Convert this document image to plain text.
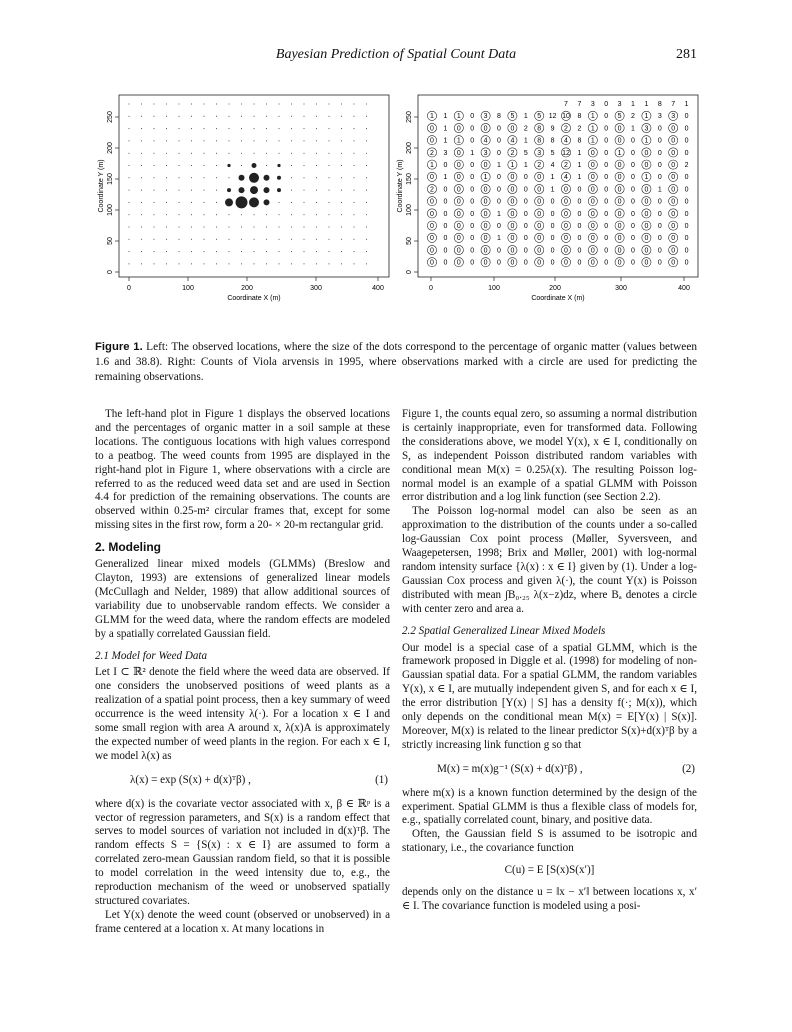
Bayesian Prediction of Spatial Count Data	281
0	100	200	300	400
Coordinate X (m)
0
50
100
150
200
250
Coordinate Y (m)
7 7 3 0 3 1 1 8 7 1
1 1 1 0 3 8 5 1 5 12 10 8 1 0 5 2 1 3 3 0
0 1 0 0 0 0 0 2 8 9 2 2 1 0 0 1 3 0 0 0
0 1 1 0 4 0 4 1 8 8 4 8 1 0 0 0 1 0 0 0
2 3 0 1 3 0 2 5 3 5 12 1 0 0 1 0 0 0 0 0
1 0 0 0 0 1 1 1 2 4 2 1 0 0 0 0 0 0 0 2
0 1 0 0 1 0 0 0 0 1 4 1 0 0 0 0 1 0 0 0
2 0 0 0 0 0 0 0 0 1 0 0 0 0 0 0 0 1 0 0
0 0 0 0 0 0 0 0 0 0 0 0 0 0 0 0 0 0 0 0
0 0 0 0 0 1 0 0 0 0 0 0 0 0 0 0 0 0 0 0
0 0 0 0 0 0 0 0 0 0 0 0 0 0 0 0 0 0 0 0
0 0 0 0 0 1 0 0 0 0 0 0 0 0 0 0 0 0 0 0
0 0 0 0 0 0 0 0 0 0 0 0 0 0 0 0 0 0 0 0
0 0 0 0 0 0 0 0 0 0 0 0 0 0 0 0 0 0 0 0
0	100	200	300	400
Coordinate X (m)
0
50
100
150
200
250
Coordinate Y (m)
Figure 1. Left: The observed locations, where the size of the dots correspond to the percentage of organic matter (values between 1.6 and 38.8). Right: Counts of Viola arvensis in 1995, where observations marked with a circle are used for predicting the remaining observations.

The left-hand plot in Figure 1 displays the observed locations and the percentages of organic matter in a soil sample at these locations. The contiguous locations with high values correspond to a peatbog. The weed counts from 1995 are displayed in the right-hand plot in Figure 1, where observations with a circle are referred to as the reduced weed data set and are used in Section 4.4 for prediction of the remaining observations. The counts are observed within 0.25-m² circular frames that, except for some missing sites in the first row, form a 20- × 20-m rectangular grid.

2. Modeling

Generalized linear mixed models (GLMMs) (Breslow and Clayton, 1993) are extensions of generalized linear models (McCullagh and Nelder, 1989) that allow additional sources of variability due to unobservable random effects. We consider a GLMM for the weed data, where the random effects are modeled by a spatially correlated Gaussian field.

2.1 Model for Weed Data

Let I ⊂ ℝ² denote the field where the weed data are observed. If one considers the unobserved positions of weed plants as a realization of a spatial point process, then a key summary of weed occurrence is the weed intensity λ(·). For a location x ∈ I and some small region with area A around x, λ(x)A is approximately the expected number of weed plants in the region. For each x ∈ I, we model λ(x) as

λ(x) = exp (S(x) + d(x)ᵀβ) ,	(1)

where d(x) is the covariate vector associated with x, β ∈ ℝᵖ is a vector of regression parameters, and S(x) is a random effect that serves to model sources of variation not included in d(x)ᵀβ. The random effects S = {S(x) : x ∈ I} are assumed to form a correlated zero-mean Gaussian random field, so that it is possible to model correlation in the weed intensity due to, e.g., the reproduction mechanism of the weed or unobserved spatially structured covariates.

Let Y(x) denote the weed count (observed or unobserved) in a frame centered at a location x. At many locations in

Figure 1, the counts equal zero, so assuming a normal distribution is certainly inappropriate, even for transformed data. Following the considerations above, we model Y(x), x ∈ I, conditionally on S, as independent Poisson distributed random variables with conditional mean M(x) = 0.25λ(x). The resulting Poisson log-normal model is an example of a spatial GLMM with Poisson error distribution and a log link function (see Section 2.2).

The Poisson log-normal model can also be seen as an approximation to the distribution of the counts under a so-called log-Gaussian Cox point process (Møller, Syversveen, and Waagepetersen, 1998; Brix and Møller, 2001) with log-normal random intensity surface {λ(x) : x ∈ I} given by (1). Under a log-Gaussian Cox process and given λ(·), the count Y(x) is Poisson distributed with mean ∫B₀.₂₅ λ(x−z)dz, where Bₐ denotes a circle with center zero and area a.

2.2 Spatial Generalized Linear Mixed Models

Our model is a special case of a spatial GLMM, which is the framework proposed in Diggle et al. (1998) for modeling of non-Gaussian spatial data. For a spatial GLMM, the random variables Y(x), x ∈ I, are mutually independent given S, and for each x ∈ I, the error distribution [Y(x) | S] has a density f(·; M(x)), which only depends on the conditional mean M(x) = E[Y(x) | S(x)]. Moreover, M(x) is related to the linear predictor S(x)+d(x)ᵀβ by a strictly increasing link function g so that

M(x) = m(x)g⁻¹ (S(x) + d(x)ᵀβ) ,	(2)

where m(x) is a known function determined by the design of the experiment. Spatial GLMM is thus a flexible class of models for, e.g., spatially correlated count, binary, and positive data.

Often, the Gaussian field S is assumed to be isotropic and stationary, i.e., the covariance function

C(u) = E [S(x)S(x′)]

depends only on the distance u = ‖x − x′‖ between locations x, x′ ∈ I. The covariance function is modeled using a posi-
